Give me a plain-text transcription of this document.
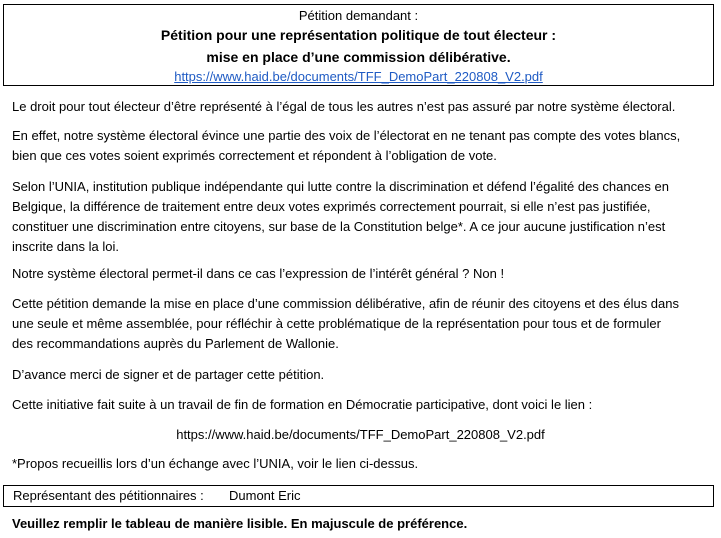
Pétition demandant :
Pétition pour une représentation politique de tout électeur :
mise en place d’une commission délibérative.
https://www.haid.be/documents/TFF_DemoPart_220808_V2.pdf
Le droit pour tout électeur d’être représenté à l’égal de tous les autres n’est pas assuré par notre système électoral.
En effet, notre système électoral évince une partie des voix de l’électorat en ne tenant pas compte des votes blancs,
bien que ces votes soient exprimés correctement et répondent à l’obligation de vote.
Selon l’UNIA, institution publique indépendante qui lutte contre la discrimination et défend l’égalité des chances en
Belgique, la différence de traitement entre deux votes exprimés correctement pourrait, si elle n’est pas justifiée,
constituer une discrimination entre citoyens, sur base de la Constitution belge*. A ce jour aucune justification n’est
inscrite dans la loi.
Notre système électoral permet-il dans ce cas l’expression de l’intérêt général ? Non !
Cette pétition demande la mise en place d’une commission délibérative, afin de réunir des citoyens et des élus dans
une seule et même assemblée, pour réfléchir à cette problématique de la représentation pour tous et de formuler
des recommandations auprès du Parlement de Wallonie.
D’avance merci de signer et de partager cette pétition.
Cette initiative fait suite à un travail de fin de formation en Démocratie participative, dont voici le lien :
https://www.haid.be/documents/TFF_DemoPart_220808_V2.pdf
*Propos recueillis lors d’un échange avec l’UNIA, voir le lien ci-dessus.
Représentant des pétitionnaires : Dumont Eric
Veuillez remplir le tableau de manière lisible. En majuscule de préférence.
